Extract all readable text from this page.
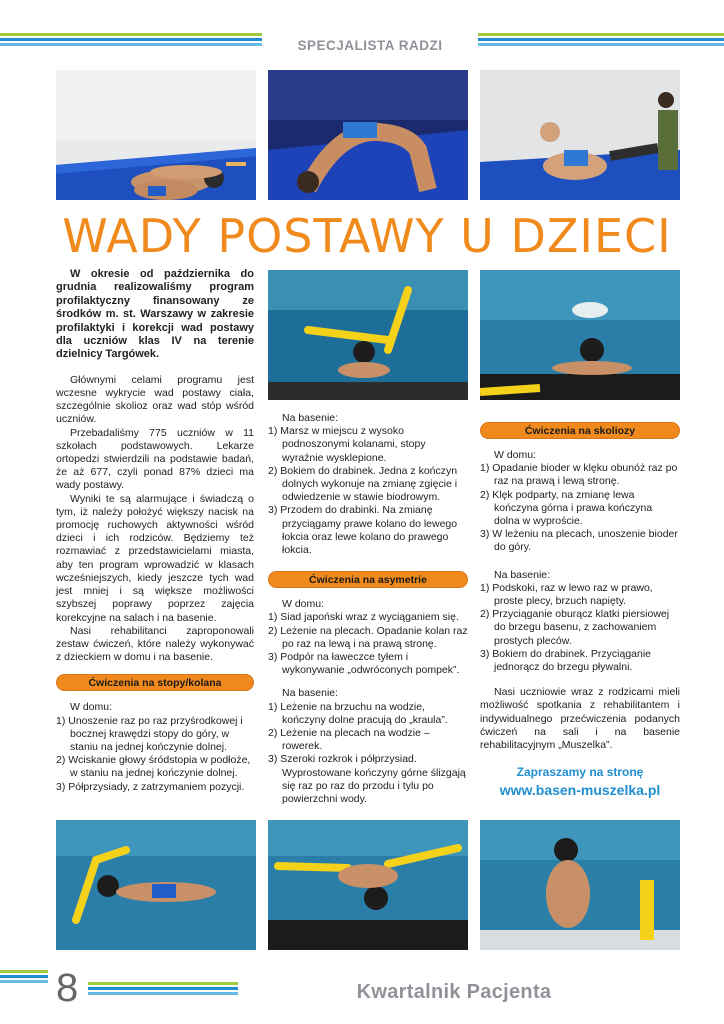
SPECJALISTA RADZI
WADY POSTAWY U DZIECI

W okresie od października do grudnia realizowaliśmy program profilaktyczny finansowany ze środków m. st. Warszawy w zakresie profilaktyki i korekcji wad postawy dla uczniów klas IV na terenie dzielnicy Targówek.

Głównymi celami programu jest wczesne wykrycie wad postawy ciała, szczególnie skolioz oraz wad stóp wśród uczniów.

Przebadaliśmy 775 uczniów w 11 szkołach podstawowych. Lekarze ortopedzi stwierdzili na podstawie badań, że aż 677, czyli ponad 87% dzieci ma wady postawy.

Wyniki te są alarmujące i świadczą o tym, iż należy położyć większy nacisk na promocję ruchowych aktywności wśród dzieci i ich rodziców. Będziemy też rozmawiać z przedstawicielami miasta, aby ten program wprowadzić w klasach wcześniejszych, kiedy jeszcze tych wad jest mniej i są większe możliwości szybszej poprawy poprzez zajęcia korekcyjne na salach i na basenie.

Nasi rehabilitanci zaproponowali zestaw ćwiczeń, które należy wykonywać z dzieckiem w domu i na basenie.

Ćwiczenia na stopy/kolana

W domu:

1) Unoszenie raz po raz przyśrodkowej i bocznej krawędzi stopy do góry, w staniu na jednej kończynie dolnej.
2) Wciskanie głowy śródstopia w podłoże, w staniu na jednej kończynie dolnej.
3) Półprzysiady, z zatrzymaniem pozycji.

Na basenie:

1) Marsz w miejscu z wysoko podnoszonymi kolanami, stopy wyraźnie wysklepione.
2) Bokiem do drabinek. Jedna z kończyn dolnych wykonuje na zmianę zgięcie i odwiedzenie w stawie biodrowym.
3) Przodem do drabinki. Na zmianę przyciągamy prawe kolano do lewego łokcia oraz lewe kolano do prawego łokcia.
Ćwiczenia na asymetrie

W domu:

1) Siad japoński wraz z wyciąganiem się.
2) Leżenie na plecach. Opadanie kolan raz po raz na lewą i na prawą stronę.
3) Podpór na ławeczce tyłem i wykonywanie „odwróconych pompek”.

Na basenie:

1) Leżenie na brzuchu na wodzie, kończyny dolne pracują do „kraula”.
2) Leżenie na plecach na wodzie – rowerek.
3) Szeroki rozkrok i półprzysiad. Wyprostowane kończyny górne ślizgają się raz po raz do przodu i tylu po powierzchni wody.
Ćwiczenia na skoliozy

W domu:

1) Opadanie bioder w klęku obunóż raz po raz na prawą i lewą stronę.
2) Klęk podparty, na zmianę lewa kończyna górna i prawa kończyna dolna w wyproście.
3) W leżeniu na plecach, unoszenie bioder do góry.

Na basenie:

1) Podskoki, raz w lewo raz w prawo, proste plecy, brzuch napięty.
2) Przyciąganie oburącz klatki piersiowej do brzegu basenu, z zachowaniem prostych pleców.
3) Bokiem do drabinek. Przyciąganie jednorącz do brzegu pływalni.

Nasi uczniowie wraz z rodzicami mieli możliwość spotkania z rehabilitantem i indywidualnego przećwiczenia podanych ćwiczeń na sali i na basenie rehabilitacyjnym „Muszelka”.

Zapraszamy na stronę
www.basen-muszelka.pl
8	Kwartalnik Pacjenta
